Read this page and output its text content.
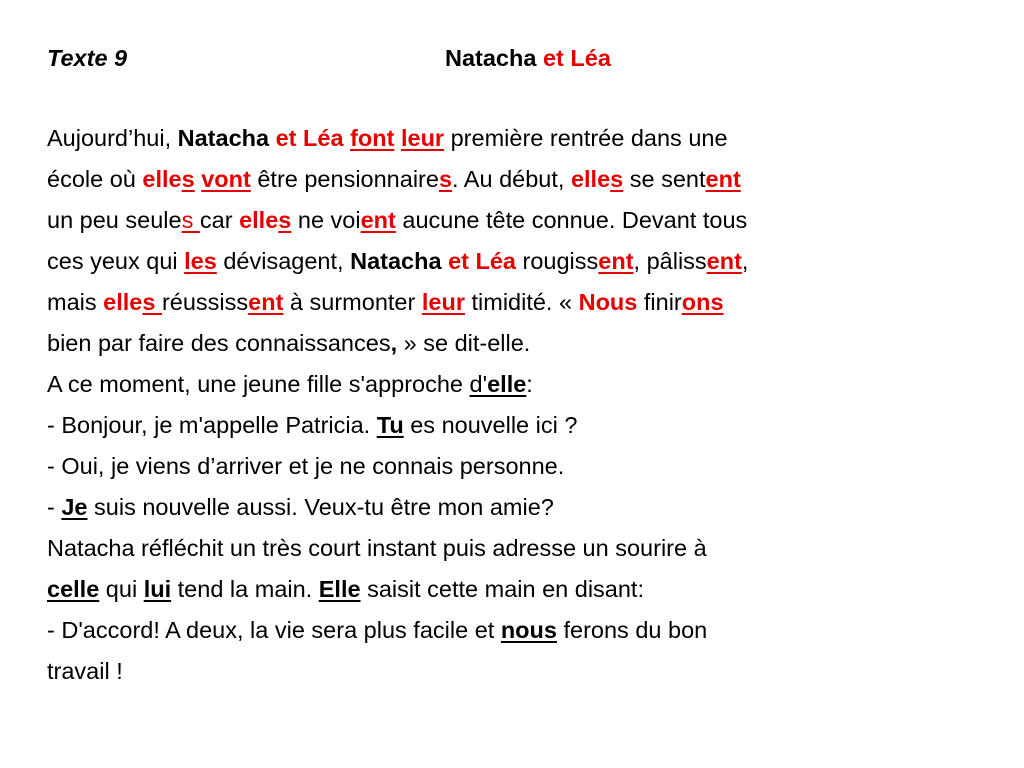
Texte 9	Natacha et Léa
Aujourd’hui, Natacha et Léa font leur première rentrée dans une
école où elles vont être pensionnaires. Au début, elles se sentent
un peu seules car elles ne voient aucune tête connue. Devant tous
ces yeux qui les dévisagent, Natacha et Léa rougissent, pâlissent,
mais elles réussissent à surmonter leur timidité. « Nous finirons
bien par faire des connaissances, » se dit-elle.
A ce moment, une jeune fille s'approche d'elle:
- Bonjour, je m'appelle Patricia. Tu es nouvelle ici ?
- Oui, je viens d’arriver et je ne connais personne.
- Je suis nouvelle aussi. Veux-tu être mon amie?
Natacha réfléchit un très court instant puis adresse un sourire à
celle qui lui tend la main. Elle saisit cette main en disant:
- D'accord! A deux, la vie sera plus facile et nous ferons du bon
travail !
